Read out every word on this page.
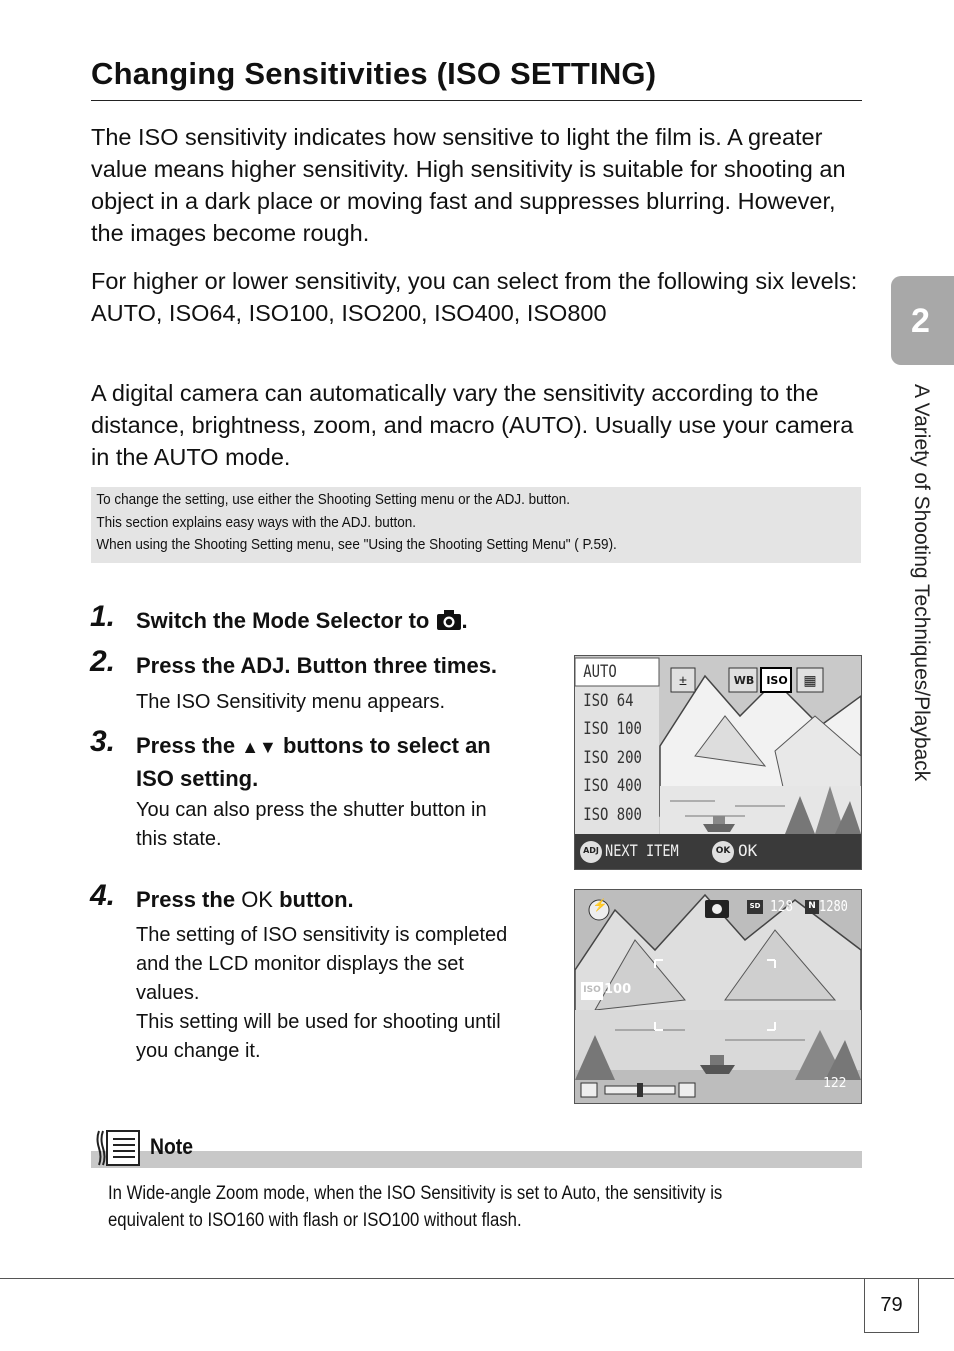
Changing Sensitivities (ISO SETTING)

The ISO sensitivity indicates how sensitive to light the film is. A greater value means higher sensitivity. High sensitivity is suitable for shooting an object in a dark place or moving fast and suppresses blurring. However, the images become rough.

For higher or lower sensitivity, you can select from the following six levels:
AUTO, ISO64, ISO100, ISO200, ISO400, ISO800

A digital camera can automatically vary the sensitivity according to the distance, brightness, zoom, and macro (AUTO). Usually use your camera in the AUTO mode.

To change the setting, use either the Shooting Setting menu or the ADJ. button.
This section explains easy ways with the ADJ. button.
When using the Shooting Setting menu, see "Using the Shooting Setting Menu" ( P.59).
1. Switch the Mode Selector to .
2. Press the ADJ. Button three times.
The ISO Sensitivity menu appears.
3. Press the ▲▼ buttons to select an
ISO setting.
You can also press the shutter button in
this state.
4. Press the OK button.
The setting of ISO sensitivity is completed
and the LCD monitor displays the set
values.
This setting will be used for shooting until
you change it.
AUTO
ISO 64
ISO 100
ISO 200
ISO 400
ISO 800
WB	ISO
±	▦
ADJ NEXT ITEM	OK OK
⚡	SD 128	N 1280
ISO 100
122
2
A Variety of Shooting Techniques/Playback
Note
In Wide-angle Zoom mode, when the ISO Sensitivity is set to Auto, the sensitivity is
equivalent to ISO160 with flash or ISO100 without flash.
79
